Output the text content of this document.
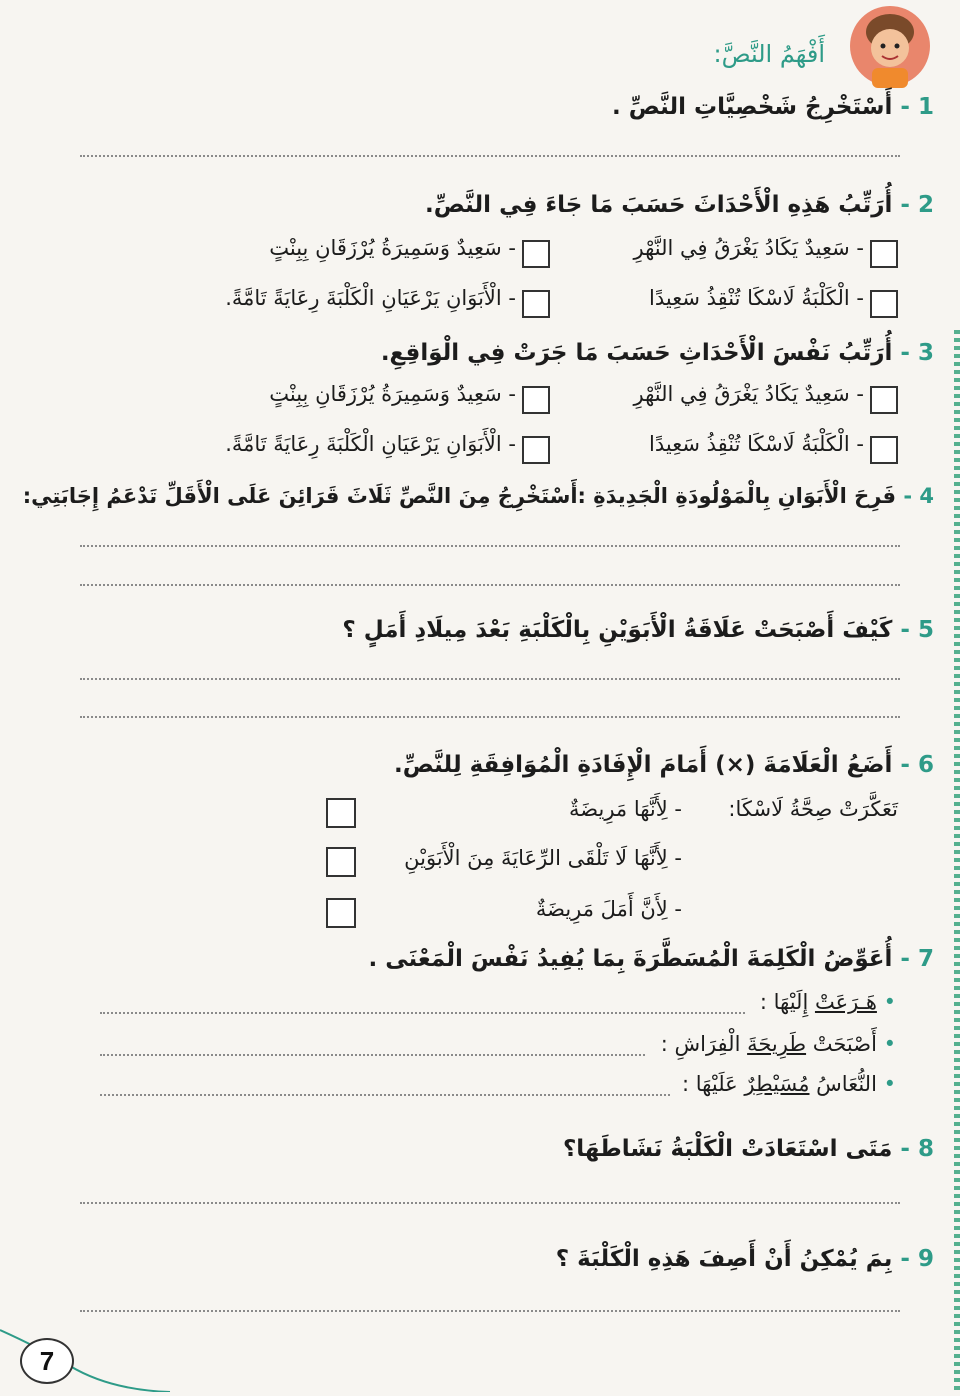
أَفْهَمُ النَّصَّ:
1 - أَسْتَخْرِجُ شَخْصِيَّاتِ النَّصِّ .
2 - أُرَتِّبُ هَذِهِ الْأَحْدَاثَ حَسَبَ مَا جَاءَ فِي النَّصِّ.
- سَعِيدٌ يَكَادُ يَغْرَقُ فِي النَّهْرِ
- سَعِيدٌ وَسَمِيرَةُ يُرْزَقَانِ بِبِنْتٍ
- الْكَلْبَةُ لَاسْكَا تُنْقِذُ سَعِيدًا
- الْأَبَوَانِ يَرْعَيَانِ الْكَلْبَةَ رِعَايَةً تَامَّةً.
3 - أُرَتِّبُ نَفْسَ الْأَحْدَاثِ حَسَبَ مَا جَرَتْ فِي الْوَاقِعِ.
- سَعِيدٌ يَكَادُ يَغْرَقُ فِي النَّهْرِ
- سَعِيدٌ وَسَمِيرَةُ يُرْزَقَانِ بِبِنْتٍ
- الْكَلْبَةُ لَاسْكَا تُنْقِذُ سَعِيدًا
- الْأَبَوَانِ يَرْعَيَانِ الْكَلْبَةَ رِعَايَةً تَامَّةً.
4 - فَرِحَ الْأَبَوَانِ بِالْمَوْلُودَةِ الْجَدِيدَةِ :أَسْتَخْرِجُ مِنَ النَّصِّ ثَلَاثَ قَرَائِنَ عَلَى الْأَقَلِّ تَدْعَمُ إِجَابَتِي:
5 - كَيْفَ أَصْبَحَتْ عَلَاقَةُ الْأَبَوَيْنِ بِالْكَلْبَةِ بَعْدَ مِيلَادِ أَمَلٍ ؟
6 - أَضَعُ الْعَلَامَةَ (×) أَمَامَ الْإِفَادَةِ الْمُوَافِقَةِ لِلنَّصِّ.
تَعَكَّرَتْ صِحَّةُ لَاسْكَا:
- لِأَنَّهَا مَرِيضَةٌ
- لِأَنَّهَا لَا تَلْقَى الرِّعَايَةَ مِنَ الْأَبَوَيْنِ
- لِأَنَّ أَمَلَ مَرِيضَةٌ
7 - أُعَوِّضُ الْكَلِمَةَ الْمُسَطَّرَةَ بِمَا يُفِيدُ نَفْسَ الْمَعْنَى .
• هَـرَعَتْ إِلَيْهَا :
• أَصْبَحَتْ طَرِيحَةَ الْفِرَاشِ :
• النُّعَاسُ مُسَيْطِرٌ عَلَيْهَا :
8 - مَتَى اسْتَعَادَتْ الْكَلْبَةُ نَشَاطَهَا؟
9 - بِمَ يُمْكِنُ أَنْ أَصِفَ هَذِهِ الْكَلْبَةَ ؟
7
